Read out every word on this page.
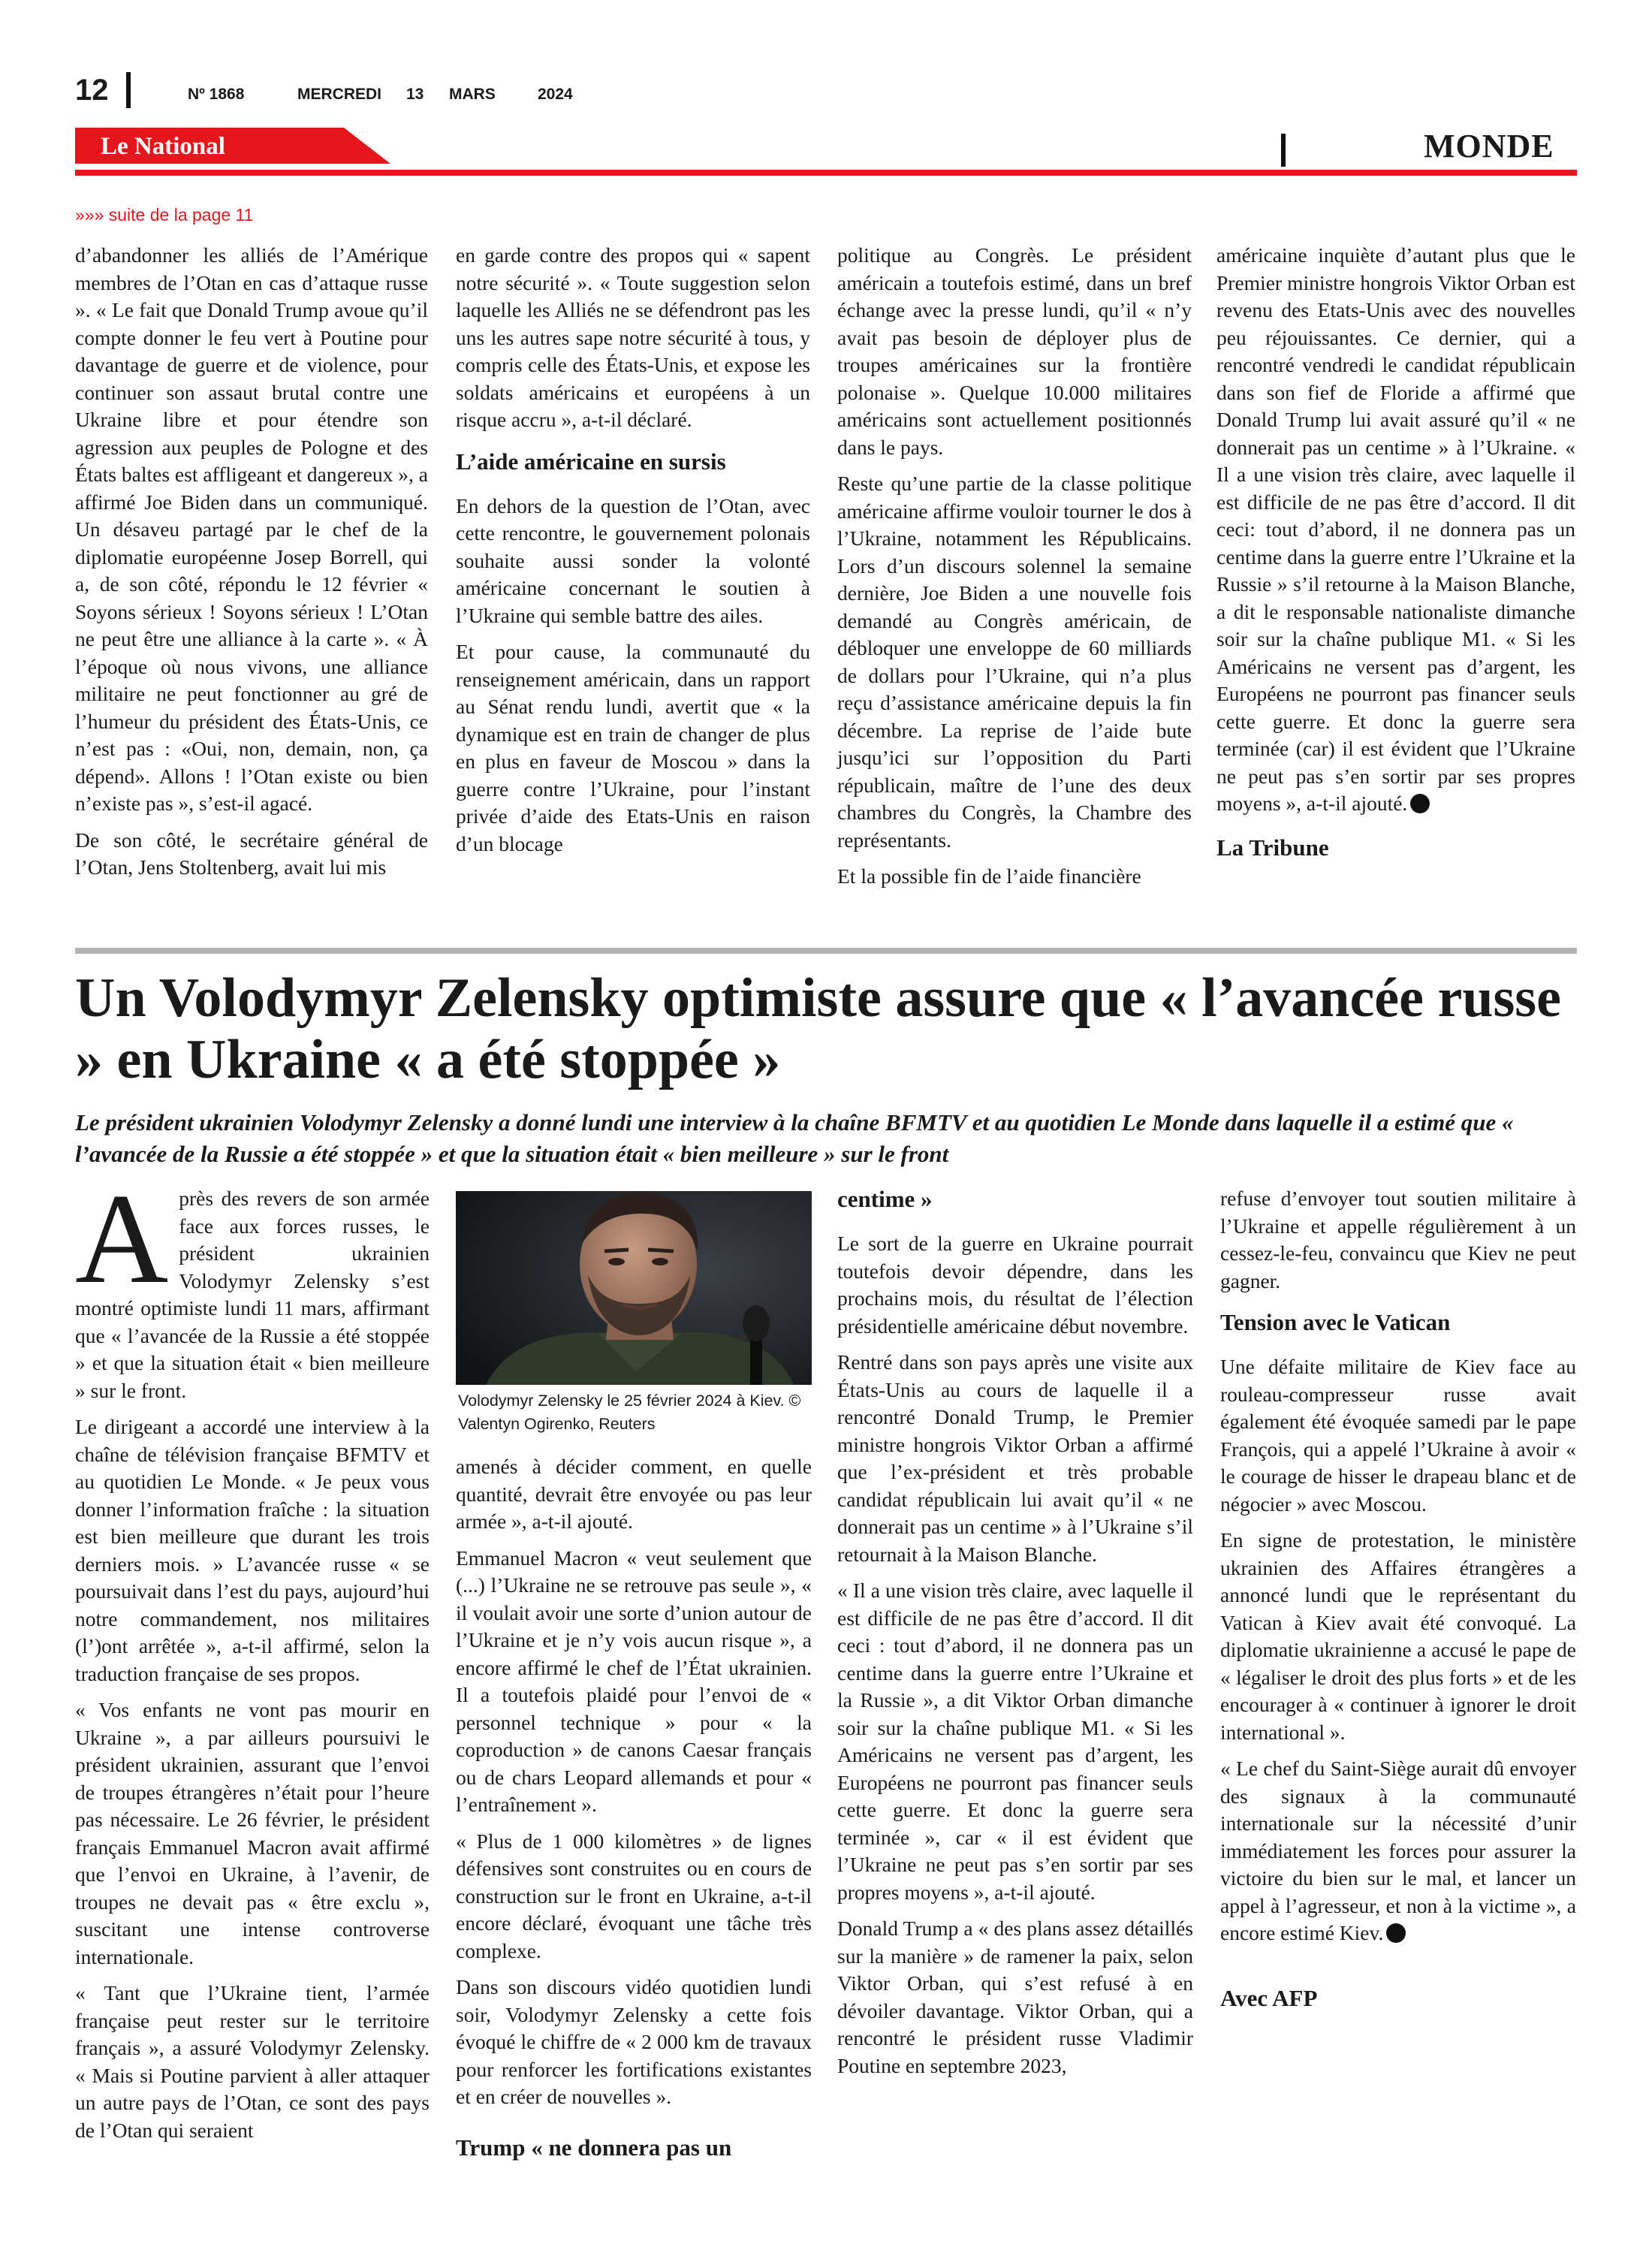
12	Nº 1868	MERCREDI 13 MARS	2024
Le National	MONDE
»»» suite de la page 11

d’abandonner les alliés de l’Amérique membres de l’Otan en cas d’attaque russe ». « Le fait que Donald Trump avoue qu’il compte donner le feu vert à Poutine pour davantage de guerre et de violence, pour continuer son assaut brutal contre une Ukraine libre et pour étendre son agression aux peuples de Pologne et des États baltes est affligeant et dangereux », a affirmé Joe Biden dans un communiqué. Un désaveu partagé par le chef de la diplomatie européenne Josep Borrell, qui a, de son côté, répondu le 12 février « Soyons sérieux ! Soyons sérieux ! L’Otan ne peut être une alliance à la carte ». « À l’époque où nous vivons, une alliance militaire ne peut fonctionner au gré de l’humeur du président des États-Unis, ce n’est pas : «Oui, non, demain, non, ça dépend». Allons ! l’Otan existe ou bien n’existe pas », s’est-il agacé.

De son côté, le secrétaire général de l’Otan, Jens Stoltenberg, avait lui mis

en garde contre des propos qui « sapent notre sécurité ». « Toute suggestion selon laquelle les Alliés ne se défendront pas les uns les autres sape notre sécurité à tous, y compris celle des États-Unis, et expose les soldats américains et européens à un risque accru », a-t-il déclaré.

L’aide américaine en sursis

En dehors de la question de l’Otan, avec cette rencontre, le gouvernement polonais souhaite aussi sonder la volonté américaine concernant le soutien à l’Ukraine qui semble battre des ailes.

Et pour cause, la communauté du renseignement américain, dans un rapport au Sénat rendu lundi, avertit que « la dynamique est en train de changer de plus en plus en faveur de Moscou » dans la guerre contre l’Ukraine, pour l’instant privée d’aide des Etats-Unis en raison d’un blocage

politique au Congrès. Le président américain a toutefois estimé, dans un bref échange avec la presse lundi, qu’il « n’y avait pas besoin de déployer plus de troupes américaines sur la frontière polonaise ». Quelque 10.000 militaires américains sont actuellement positionnés dans le pays.

Reste qu’une partie de la classe politique américaine affirme vouloir tourner le dos à l’Ukraine, notamment les Républicains. Lors d’un discours solennel la semaine dernière, Joe Biden a une nouvelle fois demandé au Congrès américain, de débloquer une enveloppe de 60 milliards de dollars pour l’Ukraine, qui n’a plus reçu d’assistance américaine depuis la fin décembre. La reprise de l’aide bute jusqu’ici sur l’opposition du Parti républicain, maître de l’une des deux chambres du Congrès, la Chambre des représentants.

Et la possible fin de l’aide financière

américaine inquiète d’autant plus que le Premier ministre hongrois Viktor Orban est revenu des Etats-Unis avec des nouvelles peu réjouissantes. Ce dernier, qui a rencontré vendredi le candidat républicain dans son fief de Floride a affirmé que Donald Trump lui avait assuré qu’il « ne donnerait pas un centime » à l’Ukraine. « Il a une vision très claire, avec laquelle il est difficile de ne pas être d’accord. Il dit ceci: tout d’abord, il ne donnera pas un centime dans la guerre entre l’Ukraine et la Russie » s’il retourne à la Maison Blanche, a dit le responsable nationaliste dimanche soir sur la chaîne publique M1. « Si les Américains ne versent pas d’argent, les Européens ne pourront pas financer seuls cette guerre. Et donc la guerre sera terminée (car) il est évident que l’Ukraine ne peut pas s’en sortir par ses propres moyens », a-t-il ajouté.

La Tribune

Un Volodymyr Zelensky optimiste assure que « l’avancée russe » en Ukraine « a été stoppée »

Le président ukrainien Volodymyr Zelensky a donné lundi une interview à la chaîne BFMTV et au quotidien Le Monde dans laquelle il a estimé que « l’avancée de la Russie a été stoppée » et que la situation était « bien meilleure » sur le front

Après des revers de son armée face aux forces russes, le président ukrainien Volodymyr Zelensky s’est montré optimiste lundi 11 mars, affirmant que « l’avancée de la Russie a été stoppée » et que la situation était « bien meilleure » sur le front.

Le dirigeant a accordé une interview à la chaîne de télévision française BFMTV et au quotidien Le Monde. « Je peux vous donner l’information fraîche : la situation est bien meilleure que durant les trois derniers mois. » L’avancée russe « se poursuivait dans l’est du pays, aujourd’hui notre commandement, nos militaires (l’)ont arrêtée », a-t-il affirmé, selon la traduction française de ses propos.

« Vos enfants ne vont pas mourir en Ukraine », a par ailleurs poursuivi le président ukrainien, assurant que l’envoi de troupes étrangères n’était pour l’heure pas nécessaire. Le 26 février, le président français Emmanuel Macron avait affirmé que l’envoi en Ukraine, à l’avenir, de troupes ne devait pas « être exclu », suscitant une intense controverse internationale.

« Tant que l’Ukraine tient, l’armée française peut rester sur le territoire français », a assuré Volodymyr Zelensky. « Mais si Poutine parvient à aller attaquer un autre pays de l’Otan, ce sont des pays de l’Otan qui seraient

Volodymyr Zelensky le 25 février 2024 à Kiev. © Valentyn Ogirenko, Reuters

amenés à décider comment, en quelle quantité, devrait être envoyée ou pas leur armée », a-t-il ajouté.

Emmanuel Macron « veut seulement que (...) l’Ukraine ne se retrouve pas seule », « il voulait avoir une sorte d’union autour de l’Ukraine et je n’y vois aucun risque », a encore affirmé le chef de l’État ukrainien. Il a toutefois plaidé pour l’envoi de « personnel technique » pour « la coproduction » de canons Caesar français ou de chars Leopard allemands et pour « l’entraînement ».

« Plus de 1 000 kilomètres » de lignes défensives sont construites ou en cours de construction sur le front en Ukraine, a-t-il encore déclaré, évoquant une tâche très complexe.

Dans son discours vidéo quotidien lundi soir, Volodymyr Zelensky a cette fois évoqué le chiffre de « 2 000 km de travaux pour renforcer les fortifications existantes et en créer de nouvelles ».

Trump « ne donnera pas un
centime »

Le sort de la guerre en Ukraine pourrait toutefois devoir dépendre, dans les prochains mois, du résultat de l’élection présidentielle américaine début novembre.

Rentré dans son pays après une visite aux États-Unis au cours de laquelle il a rencontré Donald Trump, le Premier ministre hongrois Viktor Orban a affirmé que l’ex-président et très probable candidat républicain lui avait qu’il « ne donnerait pas un centime » à l’Ukraine s’il retournait à la Maison Blanche.

« Il a une vision très claire, avec laquelle il est difficile de ne pas être d’accord. Il dit ceci : tout d’abord, il ne donnera pas un centime dans la guerre entre l’Ukraine et la Russie », a dit Viktor Orban dimanche soir sur la chaîne publique M1. « Si les Américains ne versent pas d’argent, les Européens ne pourront pas financer seuls cette guerre. Et donc la guerre sera terminée », car « il est évident que l’Ukraine ne peut pas s’en sortir par ses propres moyens », a-t-il ajouté.

Donald Trump a « des plans assez détaillés sur la manière » de ramener la paix, selon Viktor Orban, qui s’est refusé à en dévoiler davantage. Viktor Orban, qui a rencontré le président russe Vladimir Poutine en septembre 2023,

refuse d’envoyer tout soutien militaire à l’Ukraine et appelle régulièrement à un cessez-le-feu, convaincu que Kiev ne peut gagner.

Tension avec le Vatican

Une défaite militaire de Kiev face au rouleau-compresseur russe avait également été évoquée samedi par le pape François, qui a appelé l’Ukraine à avoir « le courage de hisser le drapeau blanc et de négocier » avec Moscou.

En signe de protestation, le ministère ukrainien des Affaires étrangères a annoncé lundi que le représentant du Vatican à Kiev avait été convoqué. La diplomatie ukrainienne a accusé le pape de « légaliser le droit des plus forts » et de les encourager à « continuer à ignorer le droit international ».

« Le chef du Saint-Siège aurait dû envoyer des signaux à la communauté internationale sur la nécessité d’unir immédiatement les forces pour assurer la victoire du bien sur le mal, et lancer un appel à l’agresseur, et non à la victime », a encore estimé Kiev.

Avec AFP
